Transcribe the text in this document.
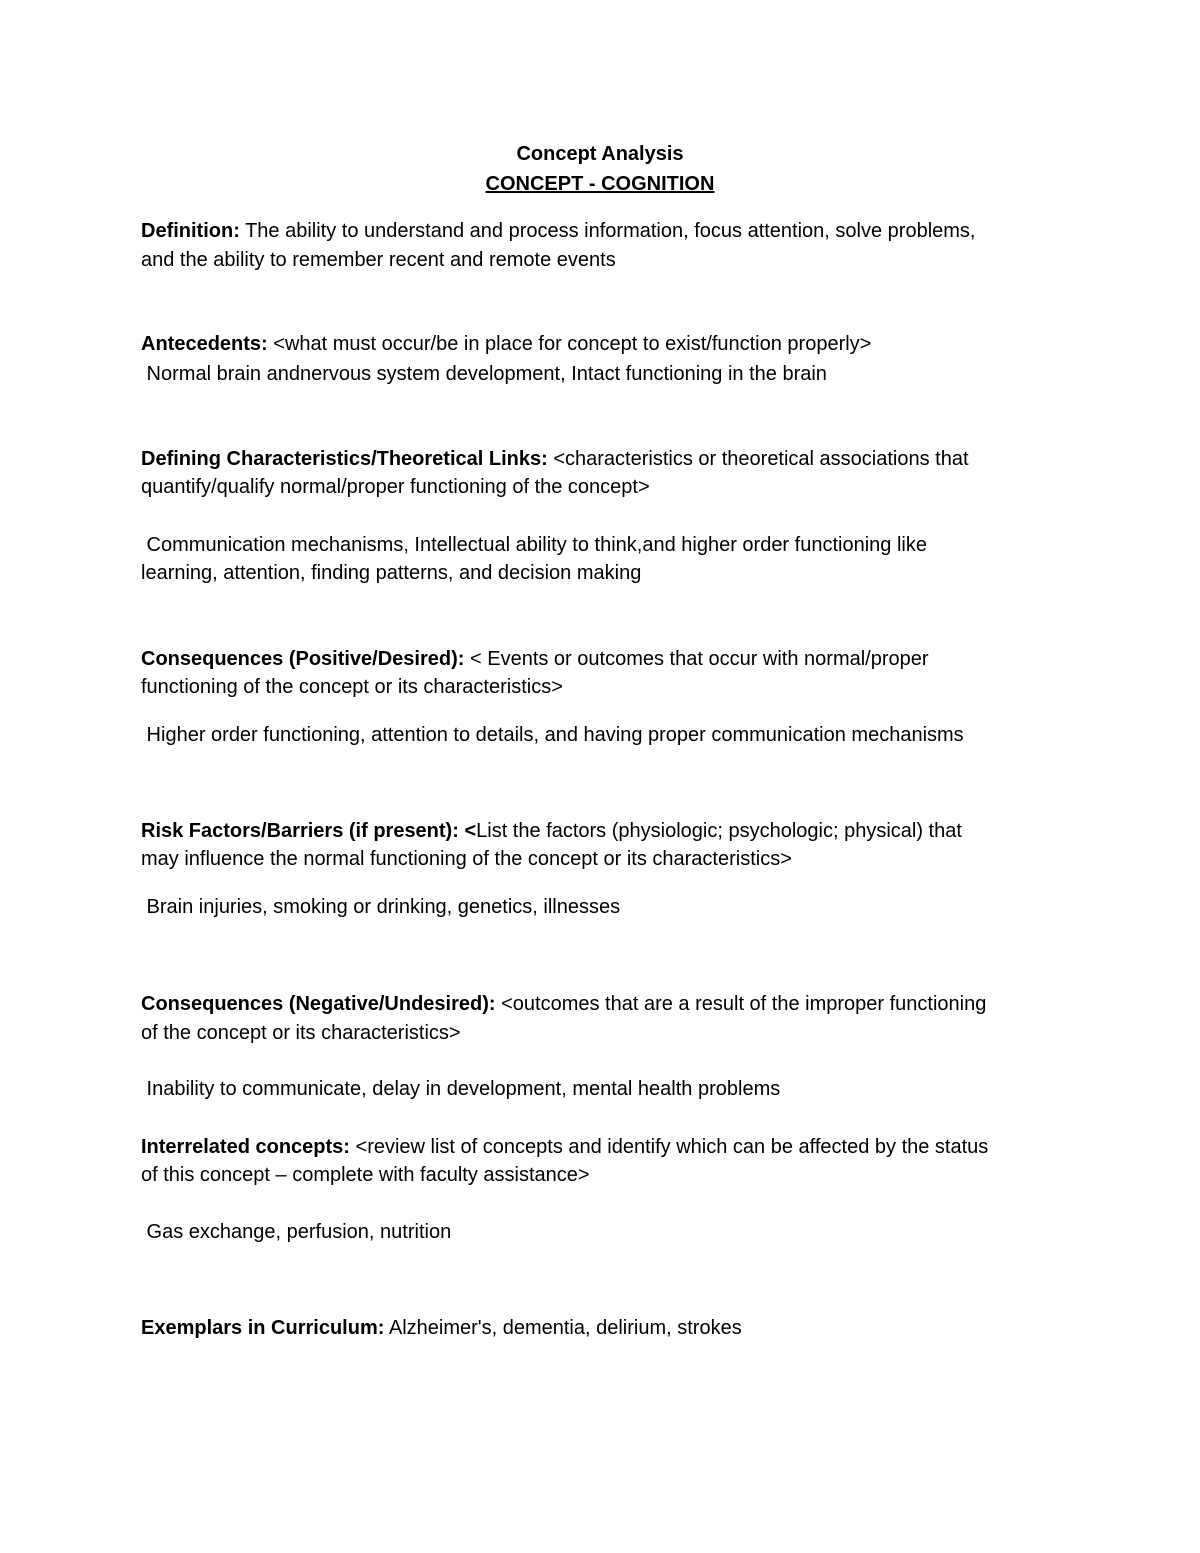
Concept Analysis
CONCEPT - COGNITION
Definition: The ability to understand and process information, focus attention, solve problems,
and the ability to remember recent and remote events
Antecedents: <what must occur/be in place for concept to exist/function properly>
Normal brain andnervous system development, Intact functioning in the brain
Defining Characteristics/Theoretical Links: <characteristics or theoretical associations that
quantify/qualify normal/proper functioning of the concept>
Communication mechanisms, Intellectual ability to think,and higher order functioning like
learning, attention, finding patterns, and decision making
Consequences (Positive/Desired): < Events or outcomes that occur with normal/proper
functioning of the concept or its characteristics>
Higher order functioning, attention to details, and having proper communication mechanisms
Risk Factors/Barriers (if present): <List the factors (physiologic; psychologic; physical) that
may influence the normal functioning of the concept or its characteristics>
Brain injuries, smoking or drinking, genetics, illnesses
Consequences (Negative/Undesired): <outcomes that are a result of the improper functioning
of the concept or its characteristics>
Inability to communicate, delay in development, mental health problems
Interrelated concepts: <review list of concepts and identify which can be affected by the status
of this concept – complete with faculty assistance>
Gas exchange, perfusion, nutrition
Exemplars in Curriculum: Alzheimer's, dementia, delirium, strokes
